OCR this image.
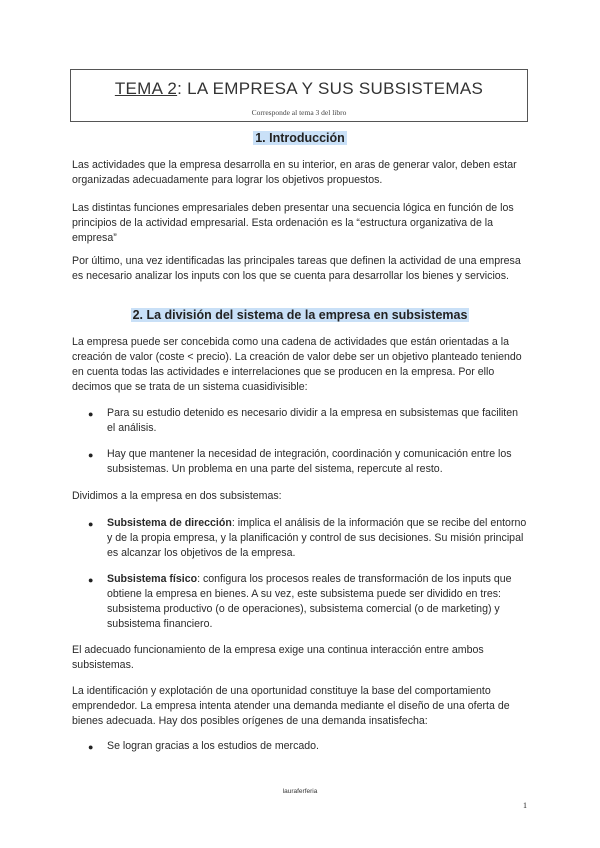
TEMA 2: LA EMPRESA Y SUS SUBSISTEMAS
Corresponde al tema 3 del libro
1. Introducción

Las actividades que la empresa desarrolla en su interior, en aras de generar valor, deben estar organizadas adecuadamente para lograr los objetivos propuestos.

Las distintas funciones empresariales deben presentar una secuencia lógica en función de los principios de la actividad empresarial. Esta ordenación es la “estructura organizativa de la empresa”

Por último, una vez identificadas las principales tareas que definen la actividad de una empresa es necesario analizar los inputs con los que se cuenta para desarrollar los bienes y servicios.

2. La división del sistema de la empresa en subsistemas

La empresa puede ser concebida como una cadena de actividades que están orientadas a la creación de valor (coste < precio). La creación de valor debe ser un objetivo planteado teniendo en cuenta todas las actividades e interrelaciones que se producen en la empresa. Por ello decimos que se trata de un sistema cuasidivisible:

● Para su estudio detenido es necesario dividir a la empresa en subsistemas que faciliten el análisis.

● Hay que mantener la necesidad de integración, coordinación y comunicación entre los subsistemas. Un problema en una parte del sistema, repercute al resto.

Dividimos a la empresa en dos subsistemas:

● Subsistema de dirección: implica el análisis de la información que se recibe del entorno y de la propia empresa, y la planificación y control de sus decisiones. Su misión principal es alcanzar los objetivos de la empresa.

● Subsistema físico: configura los procesos reales de transformación de los inputs que obtiene la empresa en bienes. A su vez, este subsistema puede ser dividido en tres: subsistema productivo (o de operaciones), subsistema comercial (o de marketing) y subsistema financiero.

El adecuado funcionamiento de la empresa exige una continua interacción entre ambos subsistemas.

La identificación y explotación de una oportunidad constituye la base del comportamiento emprendedor. La empresa intenta atender una demanda mediante el diseño de una oferta de bienes adecuada. Hay dos posibles orígenes de una demanda insatisfecha:

● Se logran gracias a los estudios de mercado.

lauraferferia
1
